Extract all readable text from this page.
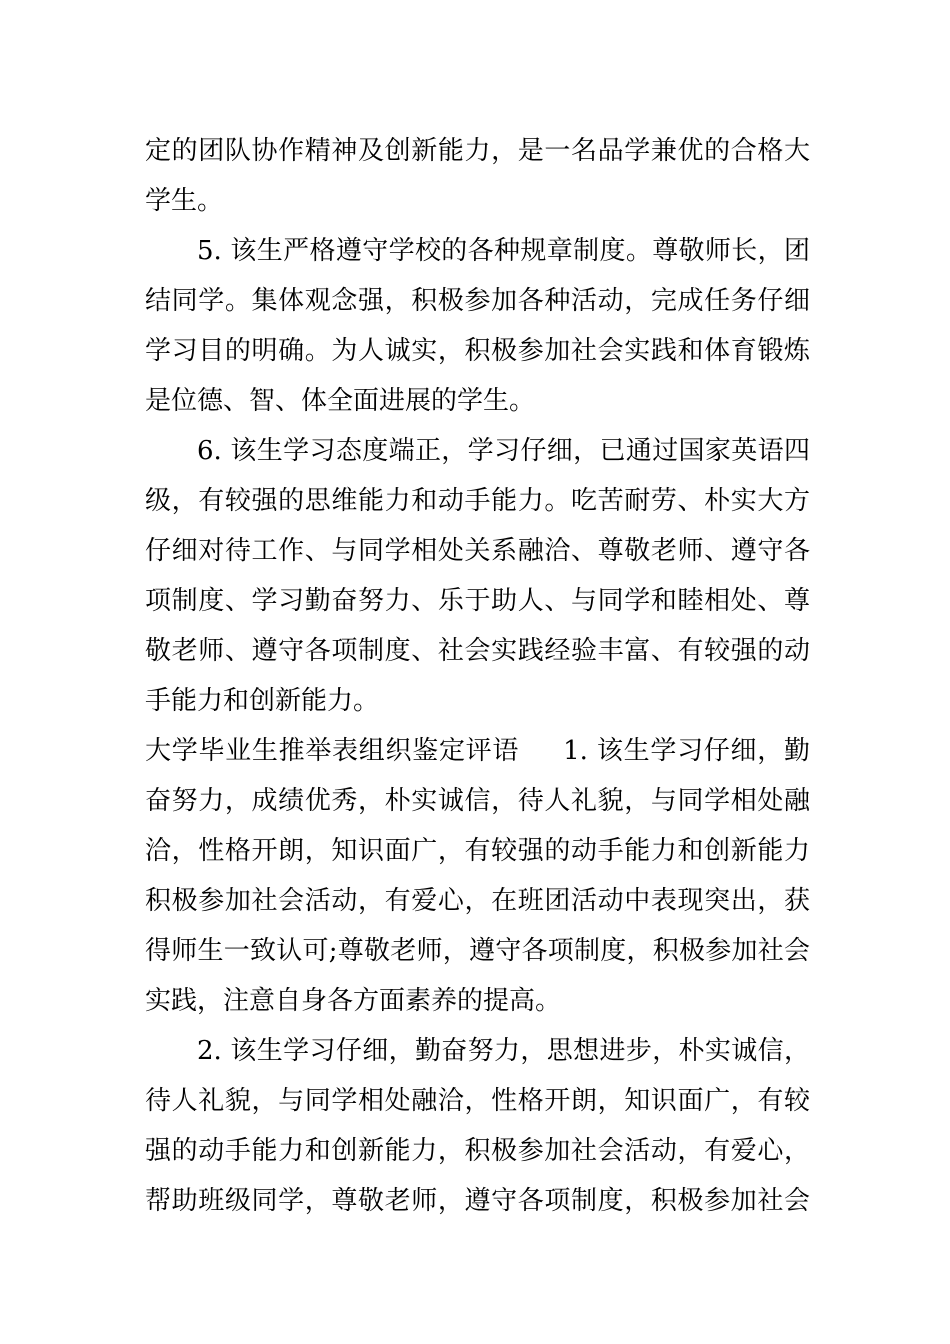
定的团队协作精神及创新能力，是一名品学兼优的合格大
学生。
5. 该生严格遵守学校的各种规章制度。尊敬师长，团
结同学。集体观念强，积极参加各种活动，完成任务仔细
学习目的明确。为人诚实，积极参加社会实践和体育锻炼
是位德、智、体全面进展的学生。
6. 该生学习态度端正，学习仔细，已通过国家英语四
级，有较强的思维能力和动手能力。吃苦耐劳、朴实大方
仔细对待工作、与同学相处关系融洽、尊敬老师、遵守各
项制度、学习勤奋努力、乐于助人、与同学和睦相处、尊
敬老师、遵守各项制度、社会实践经验丰富、有较强的动
手能力和创新能力。
大学毕业生推举表组织鉴定评语 1. 该生学习仔细，勤
奋努力，成绩优秀，朴实诚信，待人礼貌，与同学相处融
洽，性格开朗，知识面广，有较强的动手能力和创新能力
积极参加社会活动，有爱心，在班团活动中表现突出，获
得师生一致认可;尊敬老师，遵守各项制度，积极参加社会
实践，注意自身各方面素养的提高。
2. 该生学习仔细，勤奋努力，思想进步，朴实诚信，
待人礼貌，与同学相处融洽，性格开朗，知识面广，有较
强的动手能力和创新能力，积极参加社会活动，有爱心，
帮助班级同学，尊敬老师，遵守各项制度，积极参加社会
